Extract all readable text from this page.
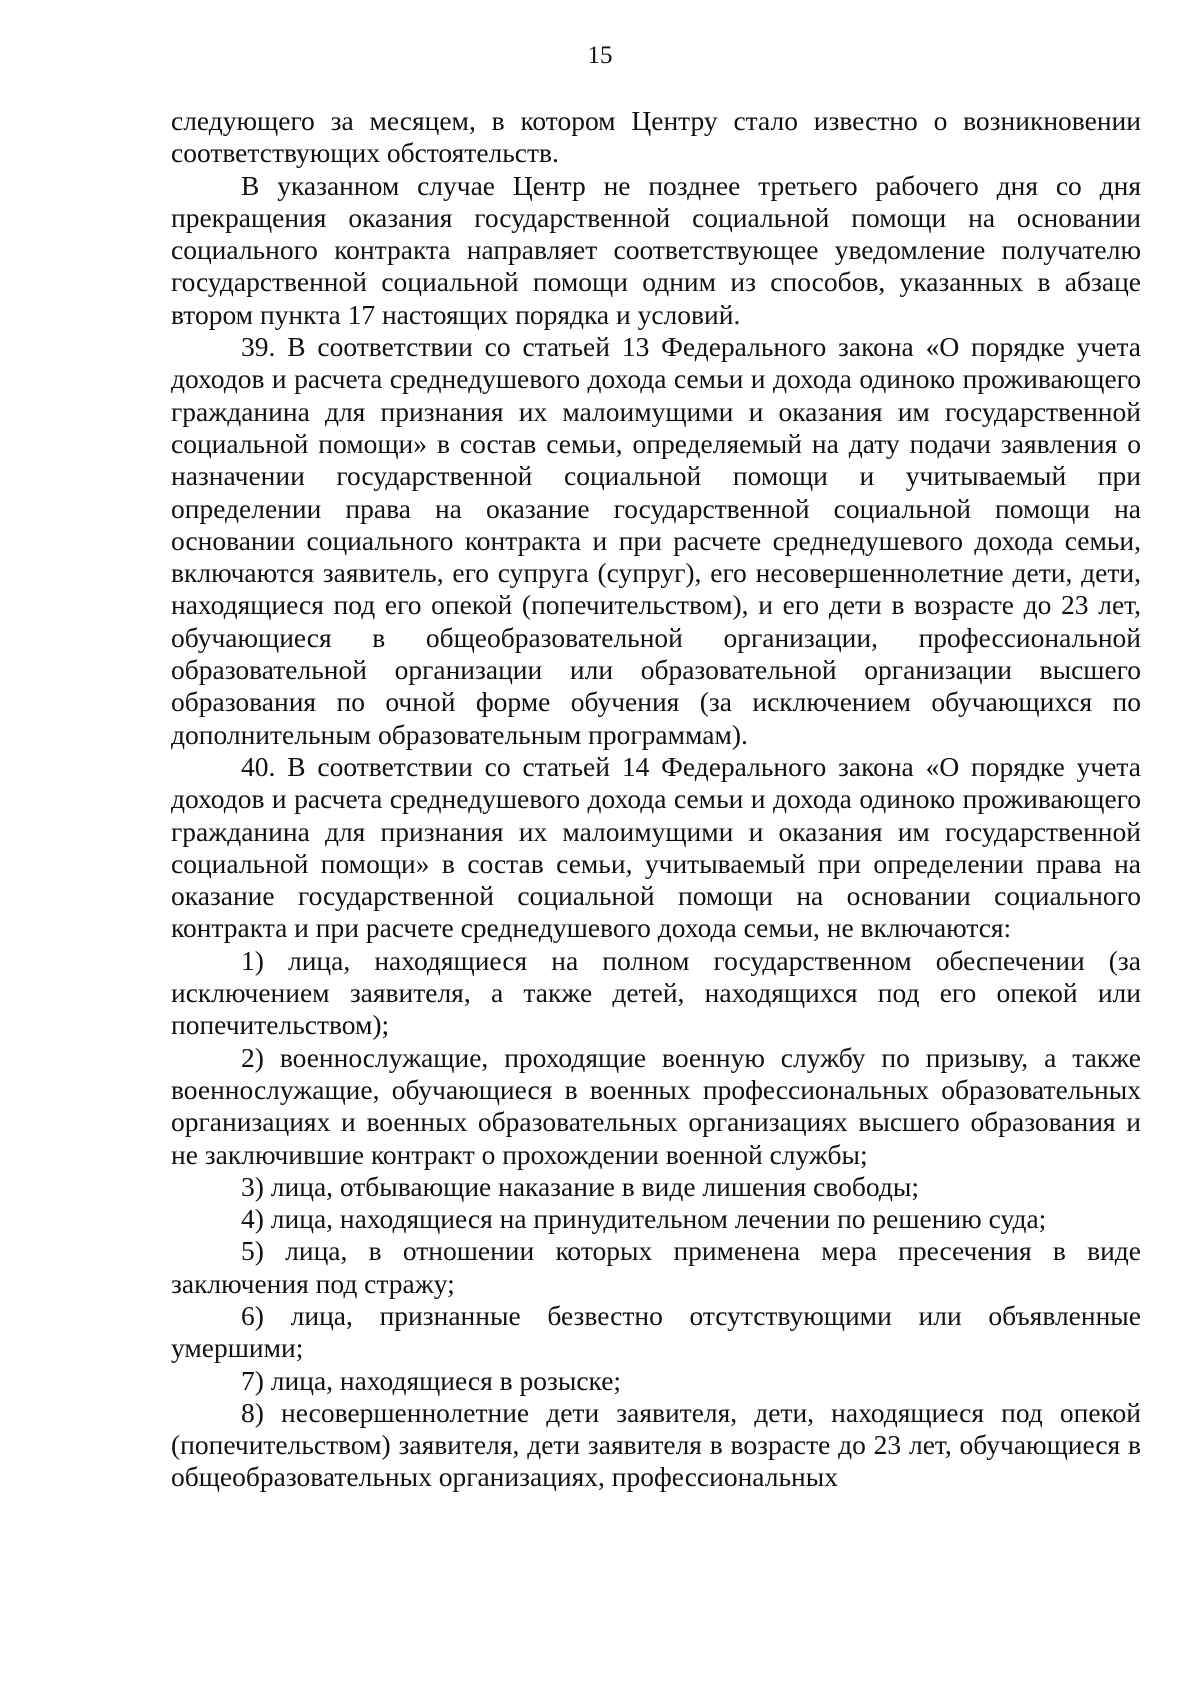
15

следующего за месяцем, в котором Центру стало известно о возникновении соответствующих обстоятельств.

В указанном случае Центр не позднее третьего рабочего дня со дня прекращения оказания государственной социальной помощи на основании социального контракта направляет соответствующее уведомление получателю государственной социальной помощи одним из способов, указанных в абзаце втором пункта 17 настоящих порядка и условий.

39. В соответствии со статьей 13 Федерального закона «О порядке учета доходов и расчета среднедушевого дохода семьи и дохода одиноко проживающего гражданина для признания их малоимущими и оказания им государственной социальной помощи» в состав семьи, определяемый на дату подачи заявления о назначении государственной социальной помощи и учитываемый при определении права на оказание государственной социальной помощи на основании социального контракта и при расчете среднедушевого дохода семьи, включаются заявитель, его супруга (супруг), его несовершеннолетние дети, дети, находящиеся под его опекой (попечительством), и его дети в возрасте до 23 лет, обучающиеся в общеобразовательной организации, профессиональной образовательной организации или образовательной организации высшего образования по очной форме обучения (за исключением обучающихся по дополнительным образовательным программам).

40. В соответствии со статьей 14 Федерального закона «О порядке учета доходов и расчета среднедушевого дохода семьи и дохода одиноко проживающего гражданина для признания их малоимущими и оказания им государственной социальной помощи» в состав семьи, учитываемый при определении права на оказание государственной социальной помощи на основании социального контракта и при расчете среднедушевого дохода семьи, не включаются:

1) лица, находящиеся на полном государственном обеспечении (за исключением заявителя, а также детей, находящихся под его опекой или попечительством);

2) военнослужащие, проходящие военную службу по призыву, а также военнослужащие, обучающиеся в военных профессиональных образовательных организациях и военных образовательных организациях высшего образования и не заключившие контракт о прохождении военной службы;

3) лица, отбывающие наказание в виде лишения свободы;

4) лица, находящиеся на принудительном лечении по решению суда;

5) лица, в отношении которых применена мера пресечения в виде заключения под стражу;

6) лица, признанные безвестно отсутствующими или объявленные умершими;

7) лица, находящиеся в розыске;

8) несовершеннолетние дети заявителя, дети, находящиеся под опекой (попечительством) заявителя, дети заявителя в возрасте до 23 лет, обучающиеся в общеобразовательных организациях, профессиональных
